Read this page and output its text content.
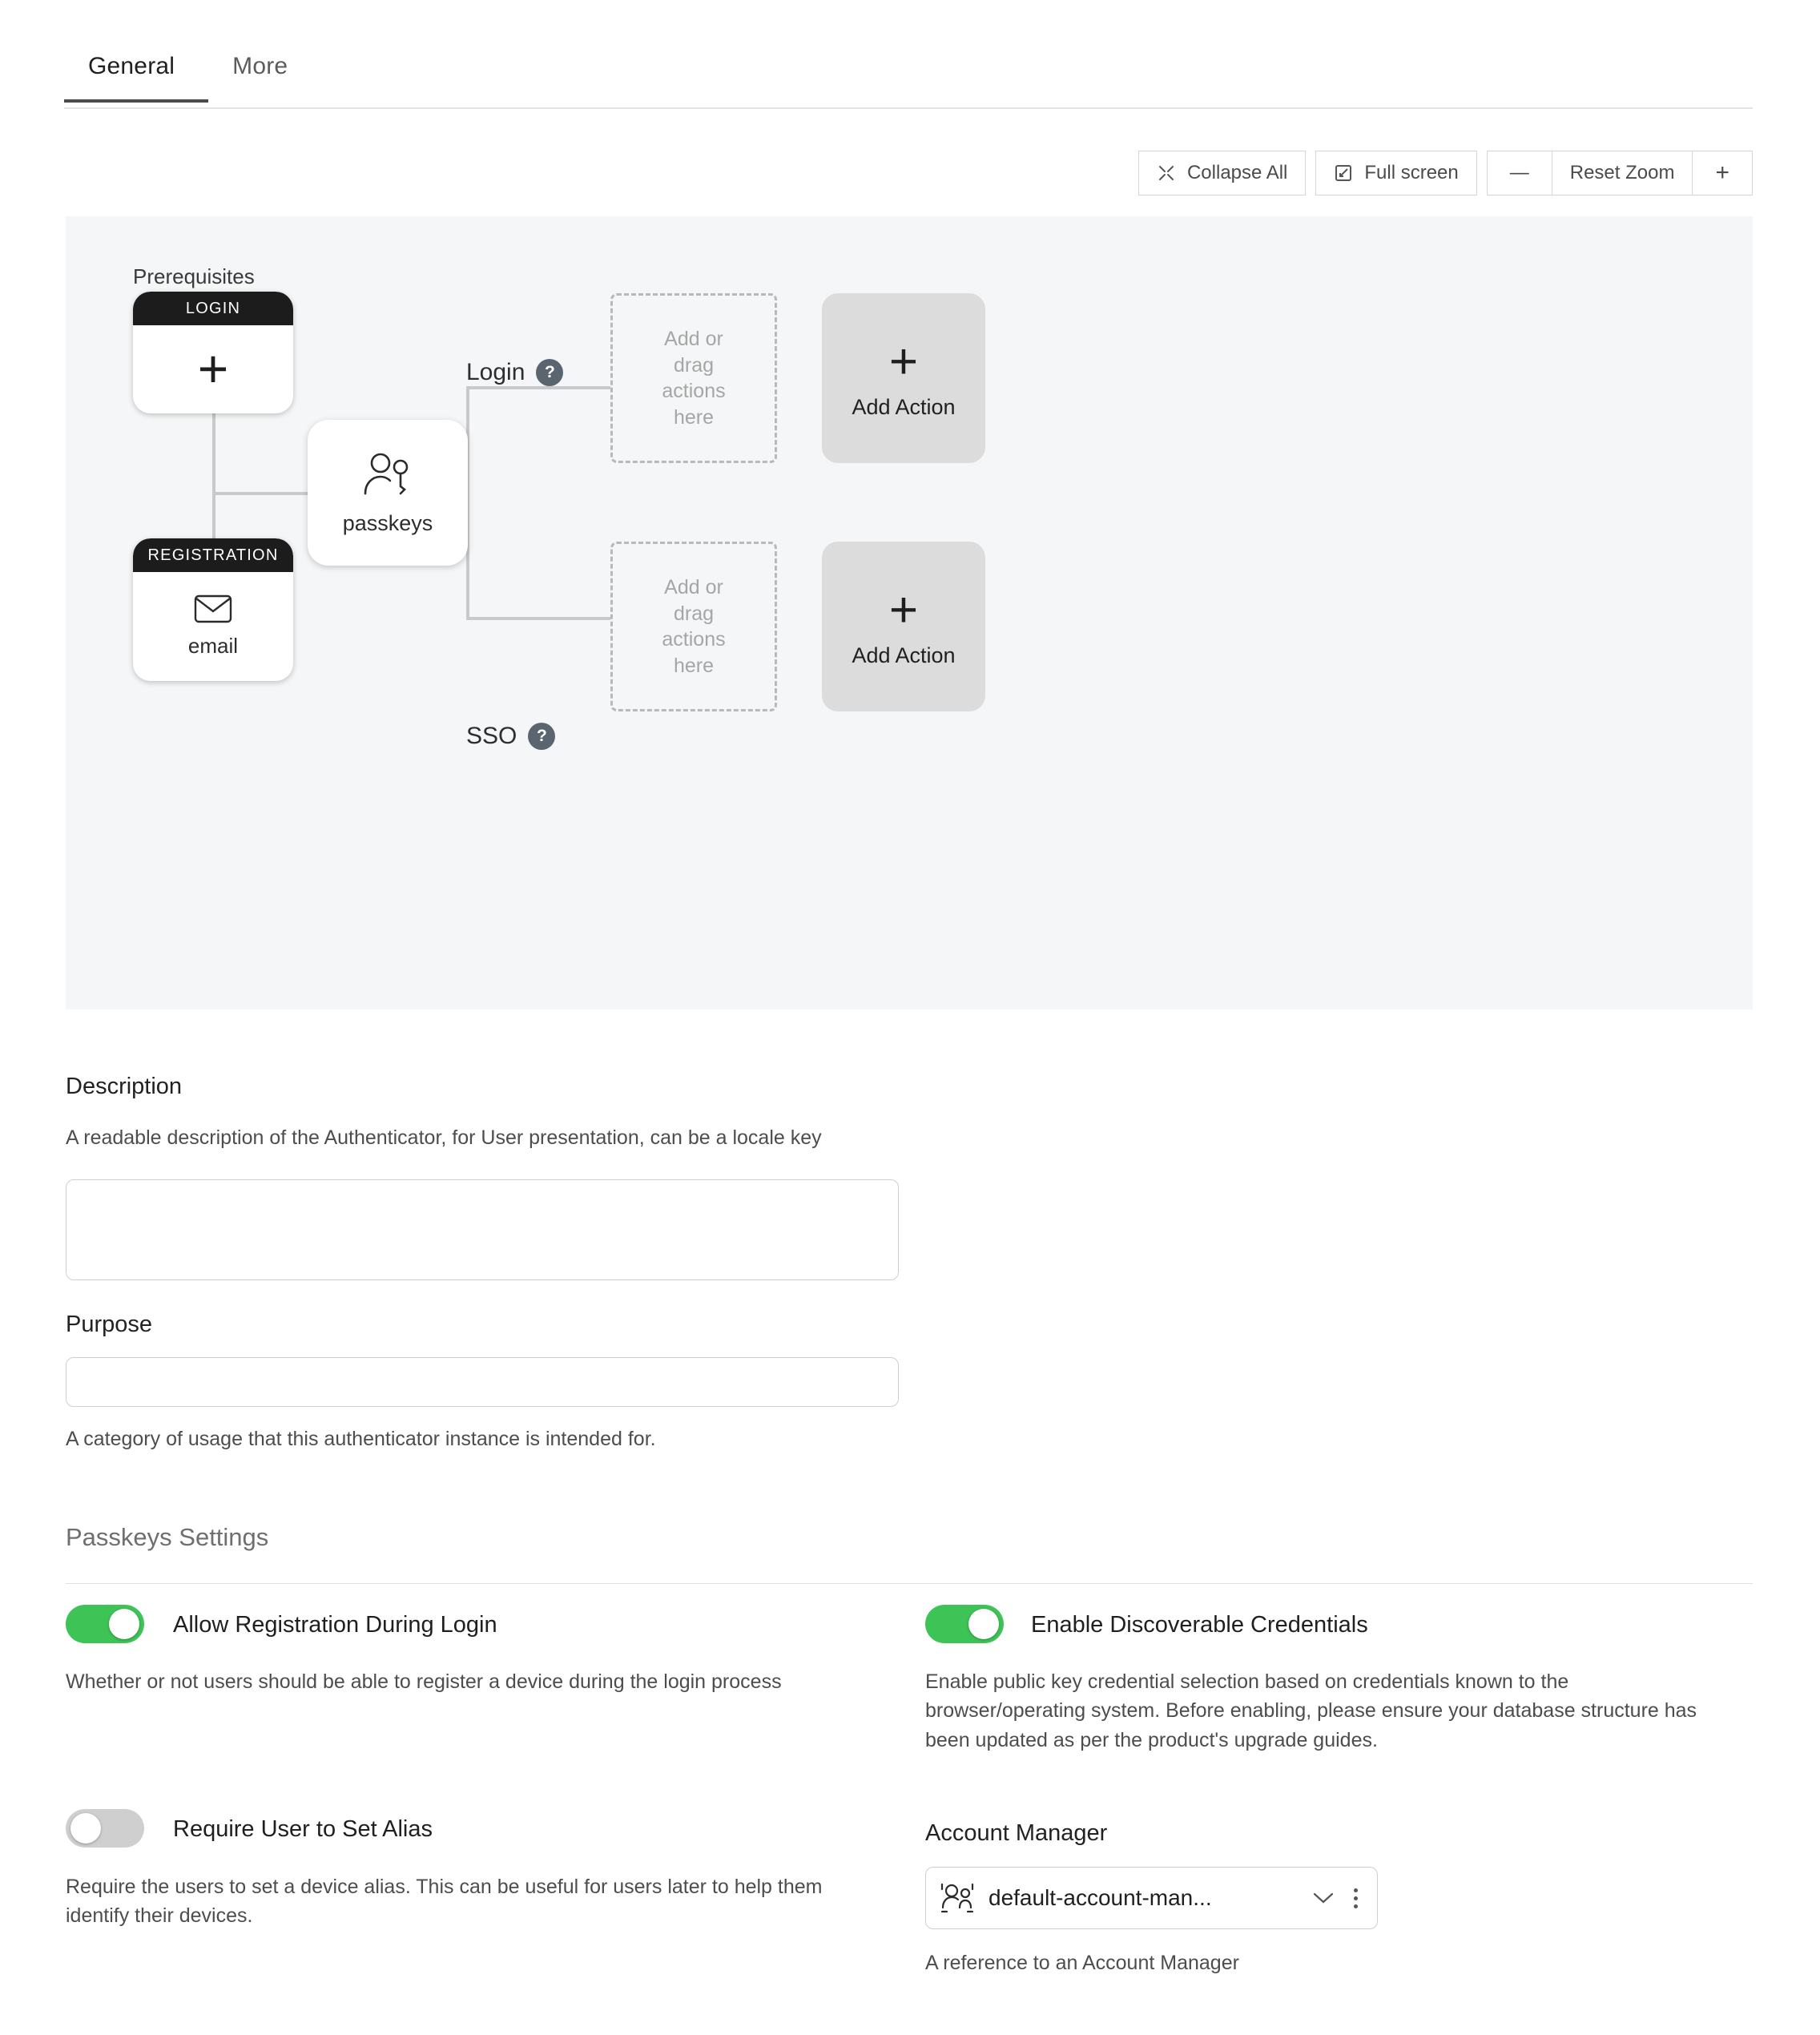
General	More
Collapse All	Full screen	—	Reset Zoom	+
Prerequisites
LOGIN
+
REGISTRATION
email
passkeys
Login	?
SSO	?
Add or drag actions here
Add or drag actions here
+
Add Action
+
Add Action
Description
A readable description of the Authenticator, for User presentation, can be a locale key
Purpose
A category of usage that this authenticator instance is intended for.
Passkeys Settings
Allow Registration During Login
Whether or not users should be able to register a device during the login process
Enable Discoverable Credentials
Enable public key credential selection based on credentials known to the browser/operating system. Before enabling, please ensure your database structure has been updated as per the product's upgrade guides.
Require User to Set Alias
Require the users to set a device alias. This can be useful for users later to help them identify their devices.
Account Manager
default-account-man...
A reference to an Account Manager
